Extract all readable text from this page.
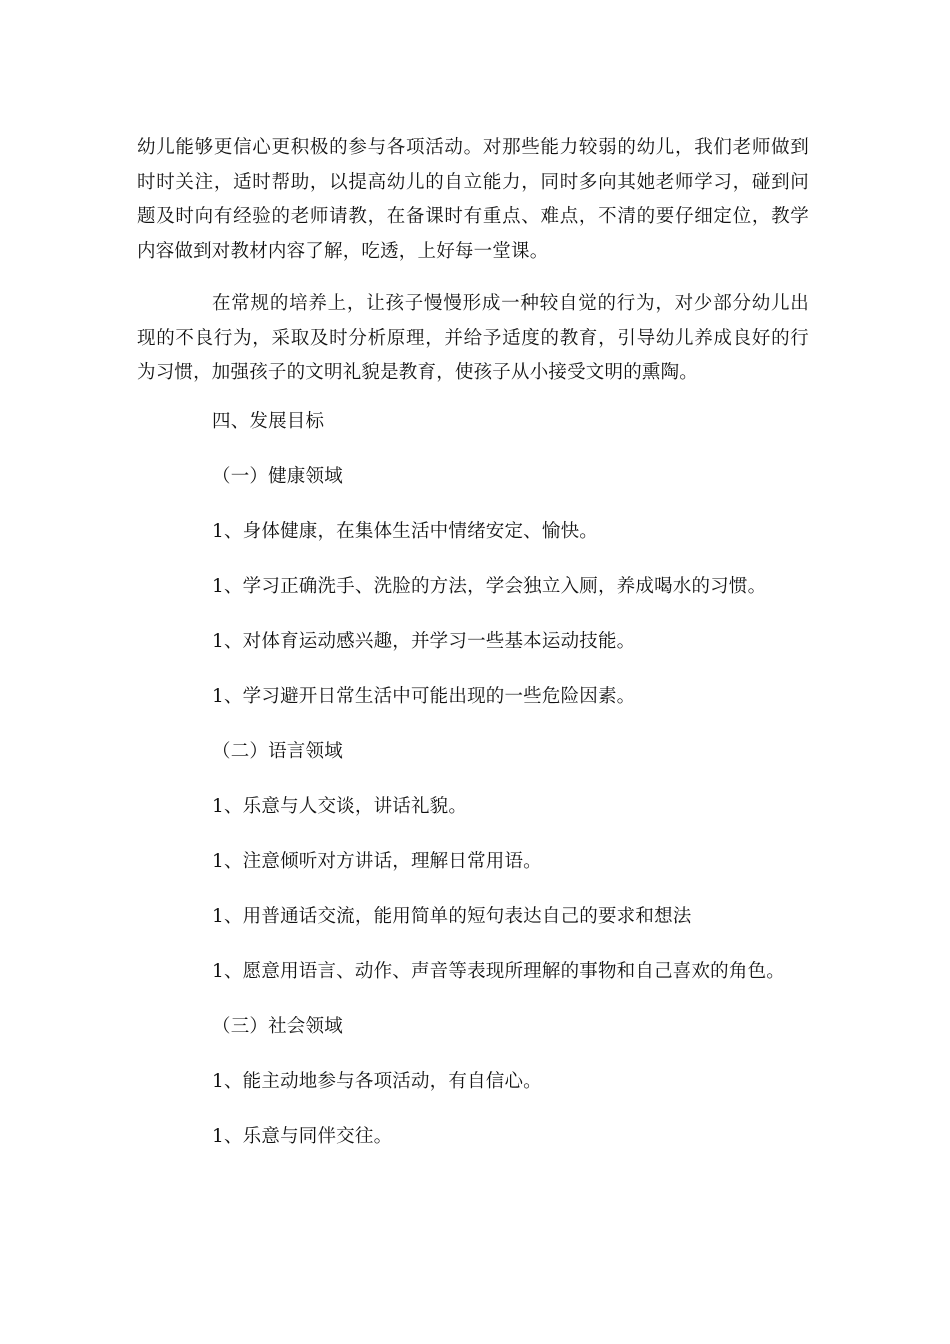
幼儿能够更信心更积极的参与各项活动。对那些能力较弱的幼儿，我们老师做到时时关注，适时帮助，以提高幼儿的自立能力，同时多向其她老师学习，碰到问题及时向有经验的老师请教，在备课时有重点、难点，不清的要仔细定位，教学内容做到对教材内容了解，吃透，上好每一堂课。

在常规的培养上，让孩子慢慢形成一种较自觉的行为，对少部分幼儿出现的不良行为，采取及时分析原理，并给予适度的教育，引导幼儿养成良好的行为习惯，加强孩子的文明礼貌是教育，使孩子从小接受文明的熏陶。

四、发展目标

（一）健康领域

1、身体健康，在集体生活中情绪安定、愉快。

1、学习正确洗手、洗脸的方法，学会独立入厕，养成喝水的习惯。

1、对体育运动感兴趣，并学习一些基本运动技能。

1、学习避开日常生活中可能出现的一些危险因素。

（二）语言领域

1、乐意与人交谈，讲话礼貌。

1、注意倾听对方讲话，理解日常用语。

1、用普通话交流，能用简单的短句表达自己的要求和想法

1、愿意用语言、动作、声音等表现所理解的事物和自己喜欢的角色。

（三）社会领域

1、能主动地参与各项活动，有自信心。

1、乐意与同伴交往。
